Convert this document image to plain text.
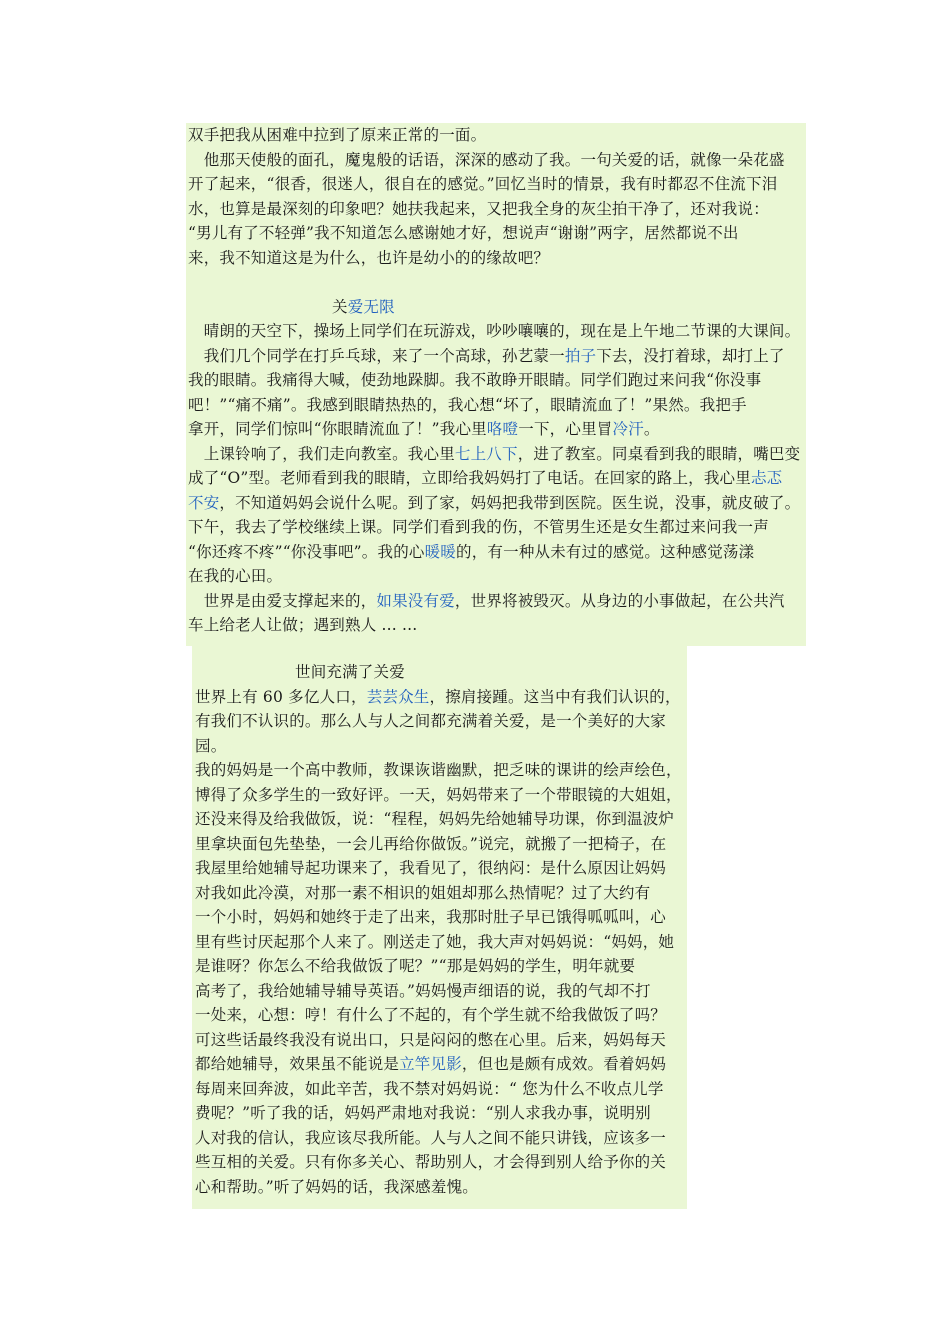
双手把我从困难中拉到了原来正常的一面。
　他那天使般的面孔，魔鬼般的话语，深深的感动了我。一句关爱的话，就像一朵花盛
开了起来，“很香，很迷人，很自在的感觉。”回忆当时的情景，我有时都忍不住流下泪
水，也算是最深刻的印象吧？她扶我起来，又把我全身的灰尘拍干净了，还对我说：
“男儿有了不轻弹”我不知道怎么感谢她才好，想说声“谢谢”两字，居然都说不出
来，我不知道这是为什么，也许是幼小的的缘故吧？
关爱无限
　晴朗的天空下，操场上同学们在玩游戏，吵吵嚷嚷的，现在是上午地二节课的大课间。
　我们几个同学在打乒乓球，来了一个高球，孙艺蒙一拍子下去，没打着球，却打上了
我的眼睛。我痛得大喊，使劲地跺脚。我不敢睁开眼睛。同学们跑过来问我“你没事
吧！”“痛不痛”。我感到眼睛热热的，我心想“坏了，眼睛流血了！”果然。我把手
拿开，同学们惊叫“你眼睛流血了！”我心里咯噔一下，心里冒冷汗。
　上课铃响了，我们走向教室。我心里七上八下，进了教室。同桌看到我的眼睛，嘴巴变
成了“O”型。老师看到我的眼睛，立即给我妈妈打了电话。在回家的路上，我心里忐忑
不安，不知道妈妈会说什么呢。到了家，妈妈把我带到医院。医生说，没事，就皮破了。
下午，我去了学校继续上课。同学们看到我的伤，不管男生还是女生都过来问我一声
“你还疼不疼”“你没事吧”。我的心暖暖的，有一种从未有过的感觉。这种感觉荡漾
在我的心田。
　世界是由爱支撑起来的，如果没有爱，世界将被毁灭。从身边的小事做起，在公共汽
车上给老人让做；遇到熟人 ... ...
世间充满了关爱
世界上有 60 多亿人口，芸芸众生，擦肩接踵。这当中有我们认识的，
有我们不认识的。那么人与人之间都充满着关爱，是一个美好的大家
园。
我的妈妈是一个高中教师，教课诙谐幽默，把乏味的课讲的绘声绘色，
博得了众多学生的一致好评。一天，妈妈带来了一个带眼镜的大姐姐，
还没来得及给我做饭，说：“程程，妈妈先给她辅导功课，你到温波炉
里拿块面包先垫垫，一会儿再给你做饭。”说完，就搬了一把椅子，在
我屋里给她辅导起功课来了，我看见了，很纳闷：是什么原因让妈妈
对我如此冷漠，对那一素不相识的姐姐却那么热情呢？过了大约有
一个小时，妈妈和她终于走了出来，我那时肚子早已饿得呱呱叫，心
里有些讨厌起那个人来了。刚送走了她，我大声对妈妈说：“妈妈，她
是谁呀？你怎么不给我做饭了呢？”“那是妈妈的学生，明年就要
高考了，我给她辅导辅导英语。”妈妈慢声细语的说，我的气却不打
一处来，心想：哼！有什么了不起的，有个学生就不给我做饭了吗？
可这些话最终我没有说出口，只是闷闷的憋在心里。后来，妈妈每天
都给她辅导，效果虽不能说是立竿见影，但也是颇有成效。看着妈妈
每周来回奔波，如此辛苦，我不禁对妈妈说：“ 您为什么不收点儿学
费呢？”听了我的话，妈妈严肃地对我说：“别人求我办事，说明别
人对我的信认，我应该尽我所能。人与人之间不能只讲钱，应该多一
些互相的关爱。只有你多关心、帮助别人，才会得到别人给予你的关
心和帮助。”听了妈妈的话，我深感羞愧。
